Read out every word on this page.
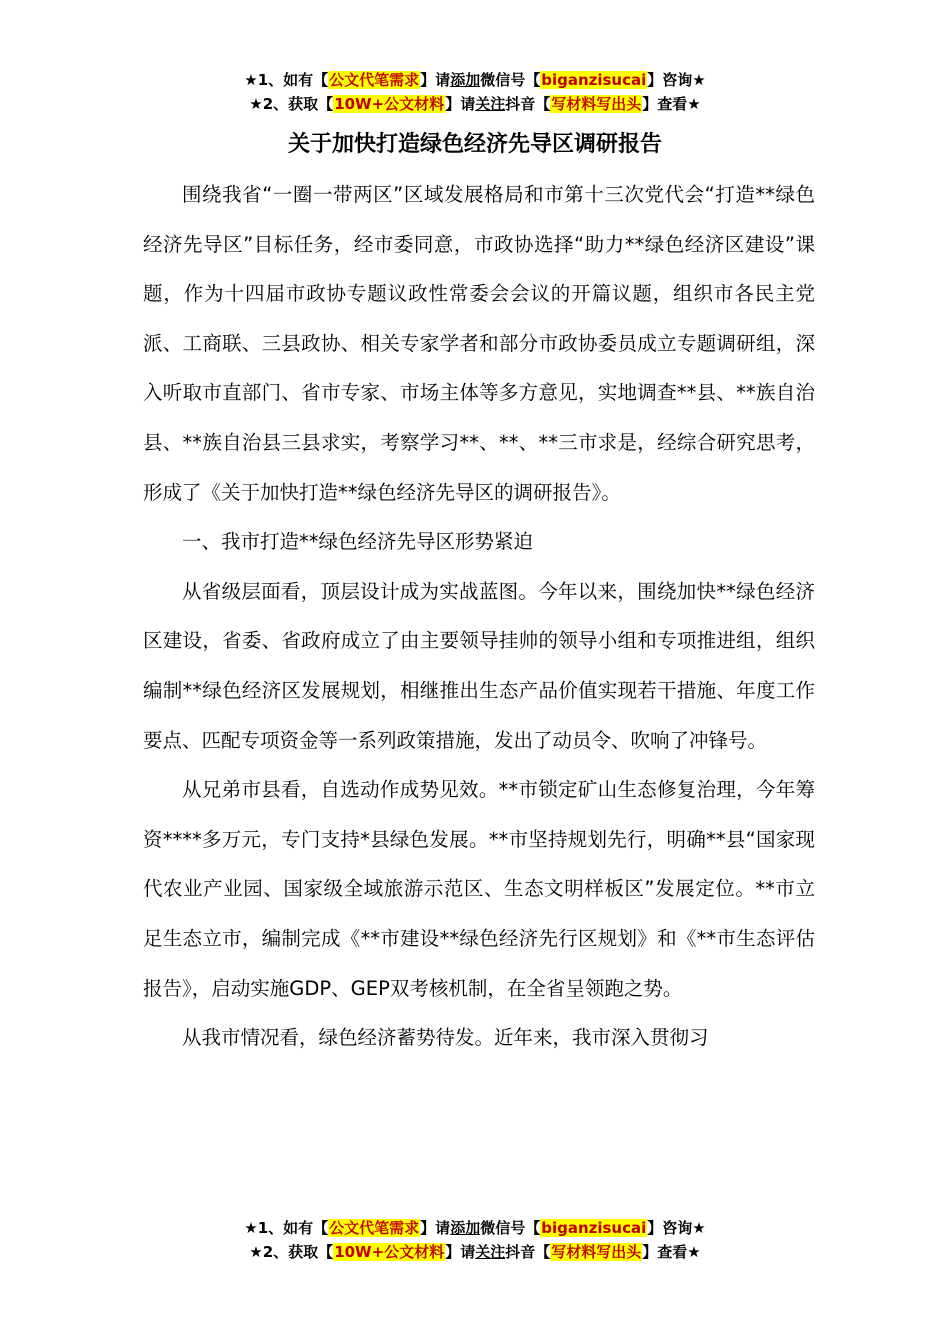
★1、如有【公文代笔需求】请添加微信号【biganzisucai】咨询★
★2、获取【10W+公文材料】请关注抖音【写材料写出头】查看★
关于加快打造绿色经济先导区调研报告

围绕我省“一圈一带两区”区域发展格局和市第十三次党代会“打造**绿色经济先导区”目标任务，经市委同意，市政协选择“助力**绿色经济区建设”课题，作为十四届市政协专题议政性常委会会议的开篇议题，组织市各民主党派、工商联、三县政协、相关专家学者和部分市政协委员成立专题调研组，深入听取市直部门、省市专家、市场主体等多方意见，实地调查**县、**族自治县、**族自治县三县求实，考察学习**、**、**三市求是，经综合研究思考，形成了《关于加快打造**绿色经济先导区的调研报告》。

一、我市打造**绿色经济先导区形势紧迫

从省级层面看，顶层设计成为实战蓝图。今年以来，围绕加快**绿色经济区建设，省委、省政府成立了由主要领导挂帅的领导小组和专项推进组，组织编制**绿色经济区发展规划，相继推出生态产品价值实现若干措施、年度工作要点、匹配专项资金等一系列政策措施，发出了动员令、吹响了冲锋号。

从兄弟市县看，自选动作成势见效。**市锁定矿山生态修复治理，今年筹资****多万元，专门支持*县绿色发展。**市坚持规划先行，明确**县“国家现代农业产业园、国家级全域旅游示范区、生态文明样板区”发展定位。**市立足生态立市，编制完成《**市建设**绿色经济先行区规划》和《**市生态评估报告》，启动实施GDP、GEP双考核机制，在全省呈领跑之势。

从我市情况看，绿色经济蓄势待发。近年来，我市深入贯彻习

★1、如有【公文代笔需求】请添加微信号【biganzisucai】咨询★
★2、获取【10W+公文材料】请关注抖音【写材料写出头】查看★
